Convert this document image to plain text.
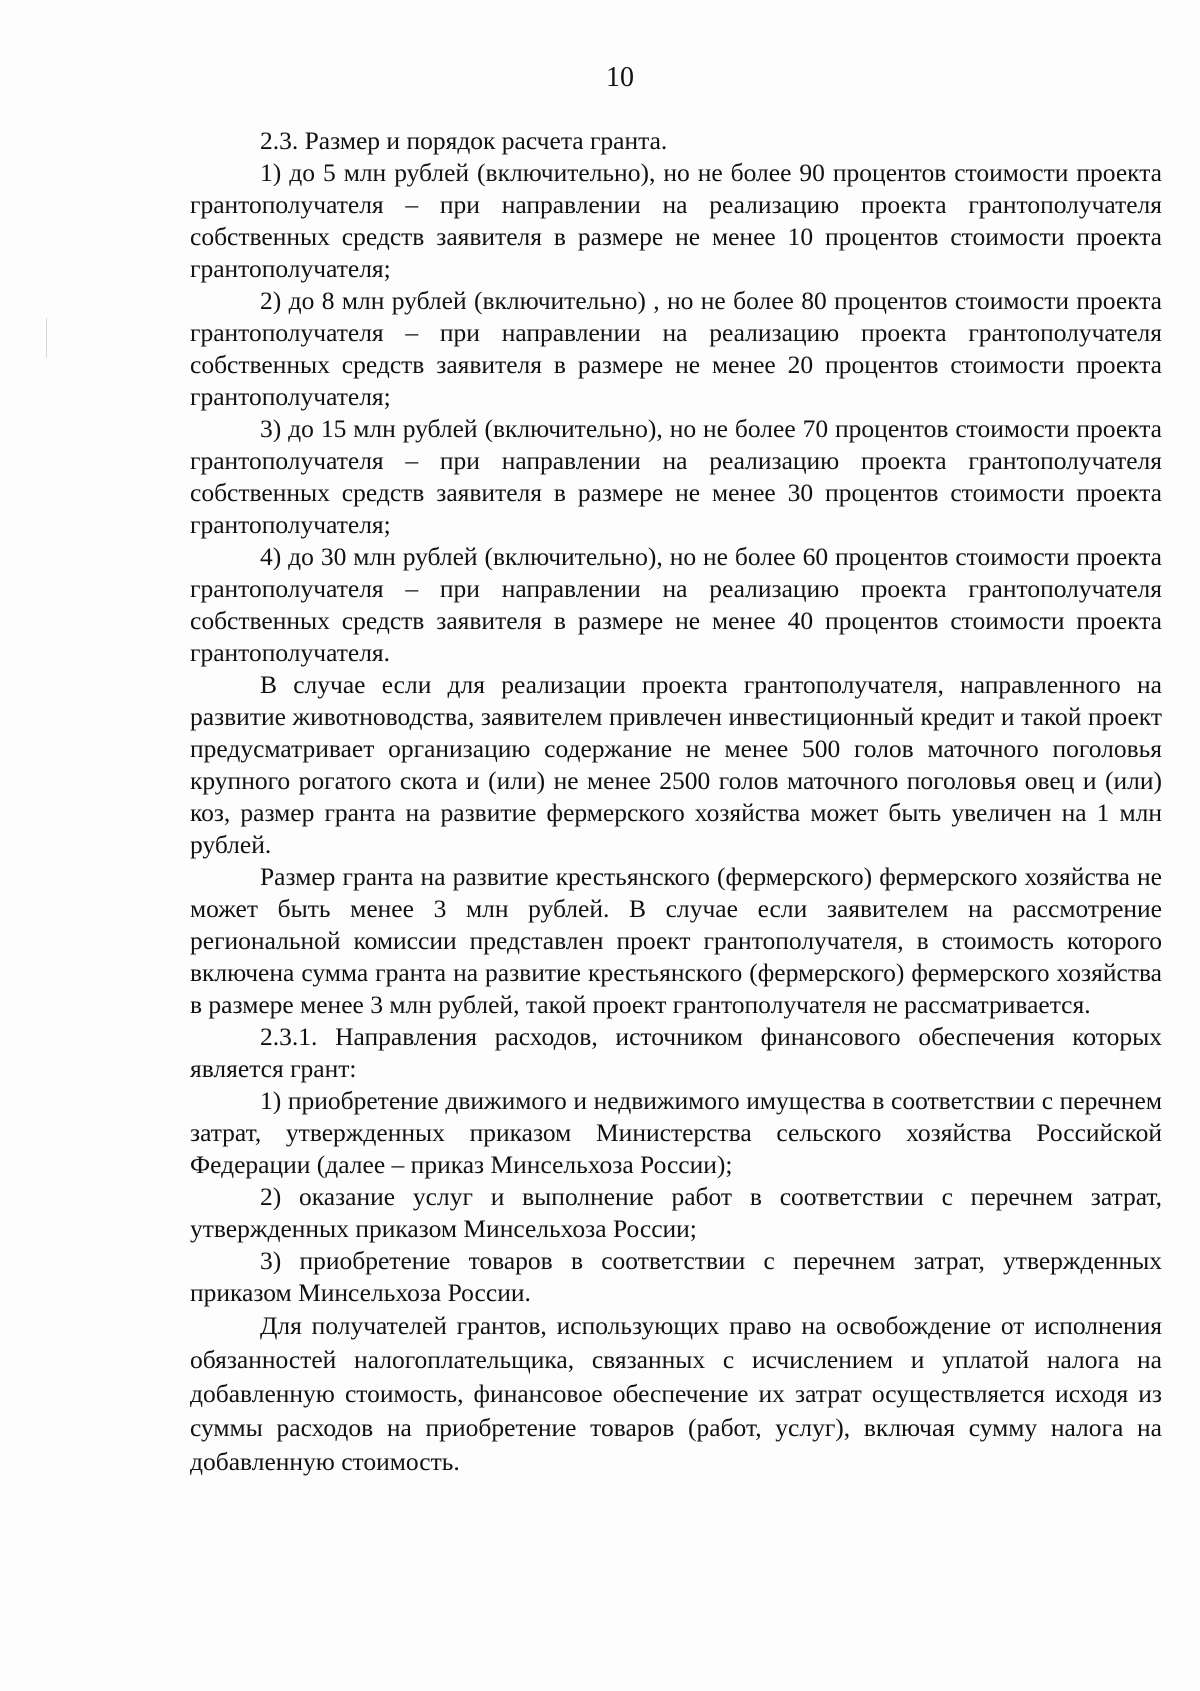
10

2.3. Размер и порядок расчета гранта.

1) до 5 млн рублей (включительно), но не более 90 процентов стоимости проекта грантополучателя – при направлении на реализацию проекта грантополучателя собственных средств заявителя в размере не менее 10 процентов стоимости проекта грантополучателя;

2) до 8 млн рублей (включительно) , но не более 80 процентов стоимости проекта грантополучателя – при направлении на реализацию проекта грантополучателя собственных средств заявителя в размере не менее 20 процентов стоимости проекта грантополучателя;

3) до 15 млн рублей (включительно), но не более 70 процентов стоимости проекта грантополучателя – при направлении на реализацию проекта грантополучателя собственных средств заявителя в размере не менее 30 процентов стоимости проекта грантополучателя;

4) до 30 млн рублей (включительно), но не более 60 процентов стоимости проекта грантополучателя – при направлении на реализацию проекта грантополучателя собственных средств заявителя в размере не менее 40 процентов стоимости проекта грантополучателя.

В случае если для реализации проекта грантополучателя, направленного на развитие животноводства, заявителем привлечен инвестиционный кредит и такой проект предусматривает организацию содержание не менее 500 голов маточного поголовья крупного рогатого скота и (или) не менее 2500 голов маточного поголовья овец и (или) коз, размер гранта на развитие фермерского хозяйства может быть увеличен на 1 млн рублей.

Размер гранта на развитие крестьянского (фермерского) фермерского хозяйства не может быть менее 3 млн рублей. В случае если заявителем на рассмотрение региональной комиссии представлен проект грантополучателя, в стоимость которого включена сумма гранта на развитие крестьянского (фермерского) фермерского хозяйства в размере менее 3 млн рублей, такой проект грантополучателя не рассматривается.

2.3.1. Направления расходов, источником финансового обеспечения которых является грант:

1) приобретение движимого и недвижимого имущества в соответствии с перечнем затрат, утвержденных приказом Министерства сельского хозяйства Российской Федерации (далее – приказ Минсельхоза России);

2) оказание услуг и выполнение работ в соответствии с перечнем затрат, утвержденных приказом Минсельхоза России;

3) приобретение товаров в соответствии с перечнем затрат, утвержденных приказом Минсельхоза России.

Для получателей грантов, использующих право на освобождение от исполнения обязанностей налогоплательщика, связанных с исчислением и уплатой налога на добавленную стоимость, финансовое обеспечение их затрат осуществляется исходя из суммы расходов на приобретение товаров (работ, услуг), включая сумму налога на добавленную стоимость.
